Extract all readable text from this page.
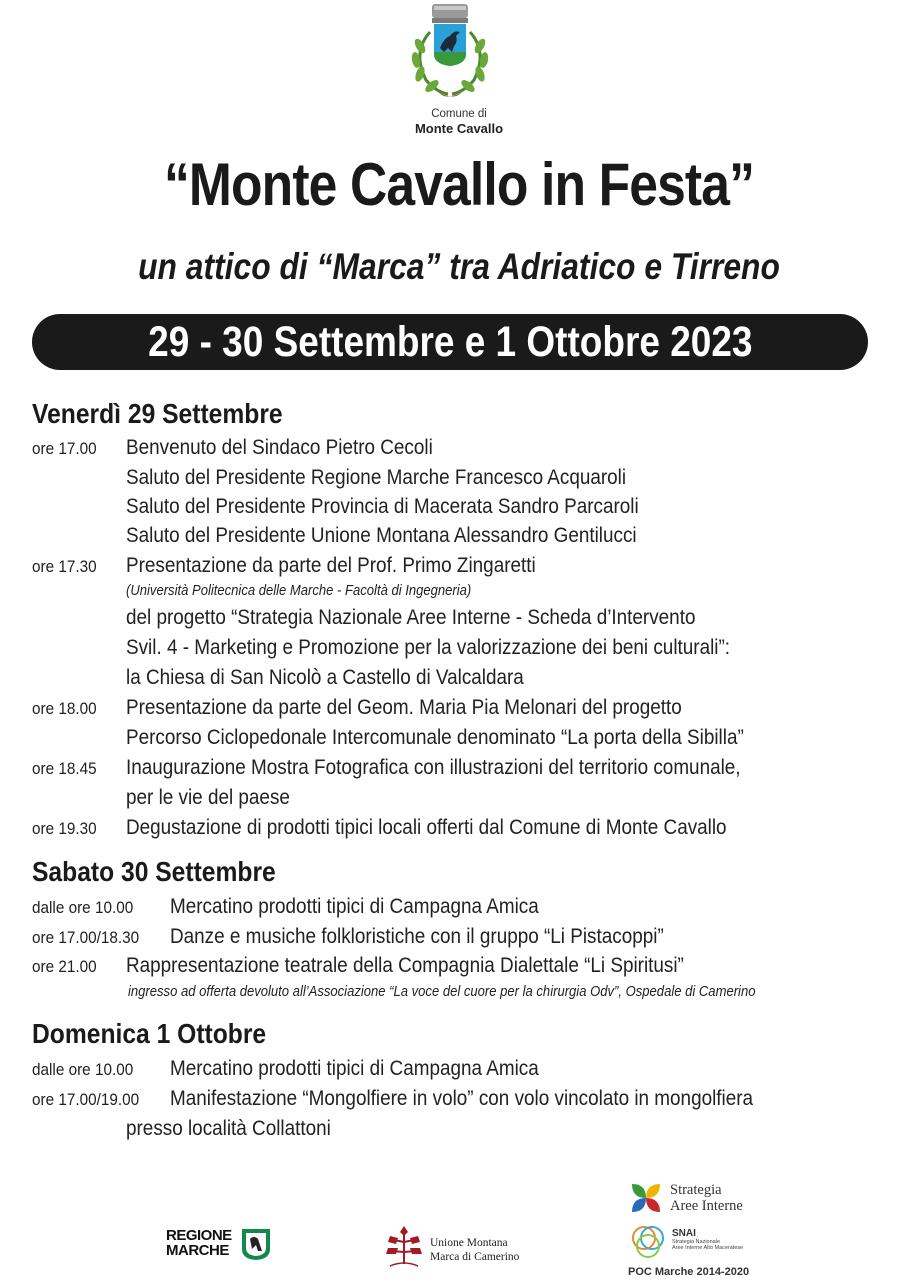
Comune di
Monte Cavallo
“Monte Cavallo in Festa”
un attico di “Marca” tra Adriatico e Tirreno
29 - 30 Settembre e 1 Ottobre 2023
Venerdì 29 Settembre
ore 17.00 Benvenuto del Sindaco Pietro Cecoli
Saluto del Presidente Regione Marche Francesco Acquaroli
Saluto del Presidente Provincia di Macerata Sandro Parcaroli
Saluto del Presidente Unione Montana Alessandro Gentilucci
ore 17.30 Presentazione da parte del Prof. Primo Zingaretti
(Università Politecnica delle Marche - Facoltà di Ingegneria)
del progetto “Strategia Nazionale Aree Interne - Scheda d’Intervento
Svil. 4 - Marketing e Promozione per la valorizzazione dei beni culturali”:
la Chiesa di San Nicolò a Castello di Valcaldara
ore 18.00 Presentazione da parte del Geom. Maria Pia Melonari del progetto
Percorso Ciclopedonale Intercomunale denominato “La porta della Sibilla”
ore 18.45 Inaugurazione Mostra Fotografica con illustrazioni del territorio comunale,
per le vie del paese
ore 19.30 Degustazione di prodotti tipici locali offerti dal Comune di Monte Cavallo
Sabato 30 Settembre
dalle ore 10.00 Mercatino prodotti tipici di Campagna Amica
ore 17.00/18.30 Danze e musiche folkloristiche con il gruppo “Li Pistacoppi”
ore 21.00 Rappresentazione teatrale della Compagnia Dialettale “Li Spiritusi”
ingresso ad offerta devoluto all’Associazione “La voce del cuore per la chirurgia Odv”, Ospedale di Camerino
Domenica 1 Ottobre
dalle ore 10.00 Mercatino prodotti tipici di Campagna Amica
ore 17.00/19.00 Manifestazione “Mongolfiere in volo” con volo vincolato in mongolfiera
presso località Collattoni
REGIONE
MARCHE	Unione Montana
Marca di Camerino
Strategia
Aree Interne
SNAI
Strategia Nazionale
Aree Interne Alto Maceratese
POC Marche 2014-2020
